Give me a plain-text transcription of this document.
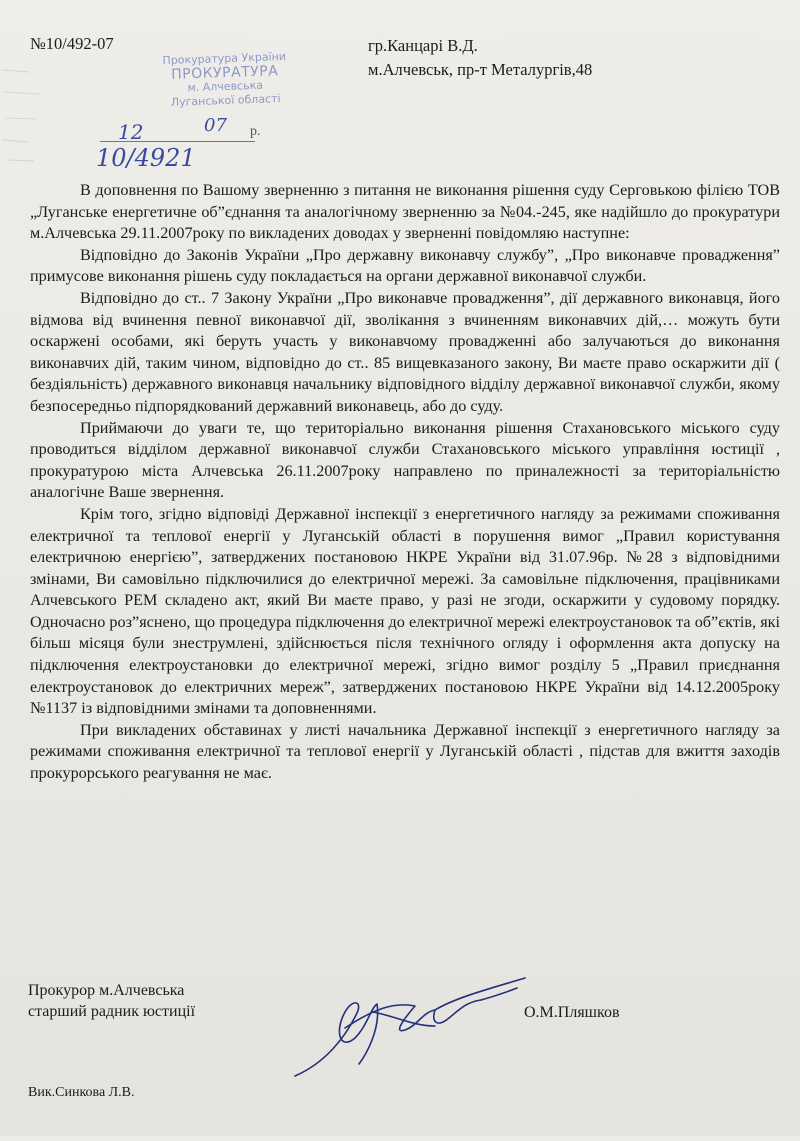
№10/492-07	гр.Канцарі В.Д.
м.Алчевськ, пр-т Металургів,48
Прокуратура України
ПРОКУРАТУРА
м. Алчевська
Луганської області
12	07 р.
10/4921

В доповнення по Вашому зверненню з питання не виконання рішення суду Серговькою філією ТОВ „Луганське енергетичне об”єднання та аналогічному зверненню за №04.-245, яке надійшло до прокуратури м.Алчевська 29.11.2007року по викладених доводах у зверненні повідомляю наступне:

Відповідно до Законів України „Про державну виконавчу службу”, „Про виконавче провадження” примусове виконання рішень суду покладається на органи державної виконавчої служби.

Відповідно до ст.. 7 Закону України „Про виконавче провадження”, дії державного виконавця, його відмова від вчинення певної виконавчої дії, зволікання з вчиненням виконавчих дій,… можуть бути оскаржені особами, які беруть участь у виконавчому провадженні або залучаються до виконання виконавчих дій, таким чином, відповідно до ст.. 85 вищевказаного закону, Ви маєте право оскаржити дії ( бездіяльність) державного виконавця начальнику відповідного відділу державної виконавчої служби, якому безпосередньо підпорядкований державний виконавець, або до суду.

Приймаючи до уваги те, що територіально виконання рішення Стахановського міського суду проводиться відділом державної виконавчої служби Стахановського міського управління юстиції , прокуратурою міста Алчевська 26.11.2007року направлено по приналежності за територіальністю аналогічне Ваше звернення.

Крім того, згідно відповіді Державної інспекції з енергетичного нагляду за режимами споживання електричної та теплової енергії у Луганській області в порушення вимог „Правил користування електричною енергією”, затверджених постановою НКРЕ України від 31.07.96р. №28 з відповідними змінами, Ви самовільно підключилися до електричної мережі. За самовільне підключення, працівниками Алчевського РЕМ складено акт, який Ви маєте право, у разі не згоди, оскаржити у судовому порядку. Одночасно роз”яснено, що процедура підключення до електричної мережі електроустановок та об”єктів, які більш місяця були знеструмлені, здійснюється після технічного огляду і оформлення акта допуску на підключення електроустановки до електричної мережі, згідно вимог розділу 5 „Правил приєднання електроустановок до електричних мереж”, затверджених постановою НКРЕ України від 14.12.2005року №1137 із відповідними змінами та доповненнями.

При викладених обставинах у листі начальника Державної інспекції з енергетичного нагляду за режимами споживання електричної та теплової енергії у Луганській області , підстав для вжиття заходів прокурорського реагування не має.

Прокурор м.Алчевська
старший радник юстиції	О.М.Пляшков
Вик.Синкова Л.В.
